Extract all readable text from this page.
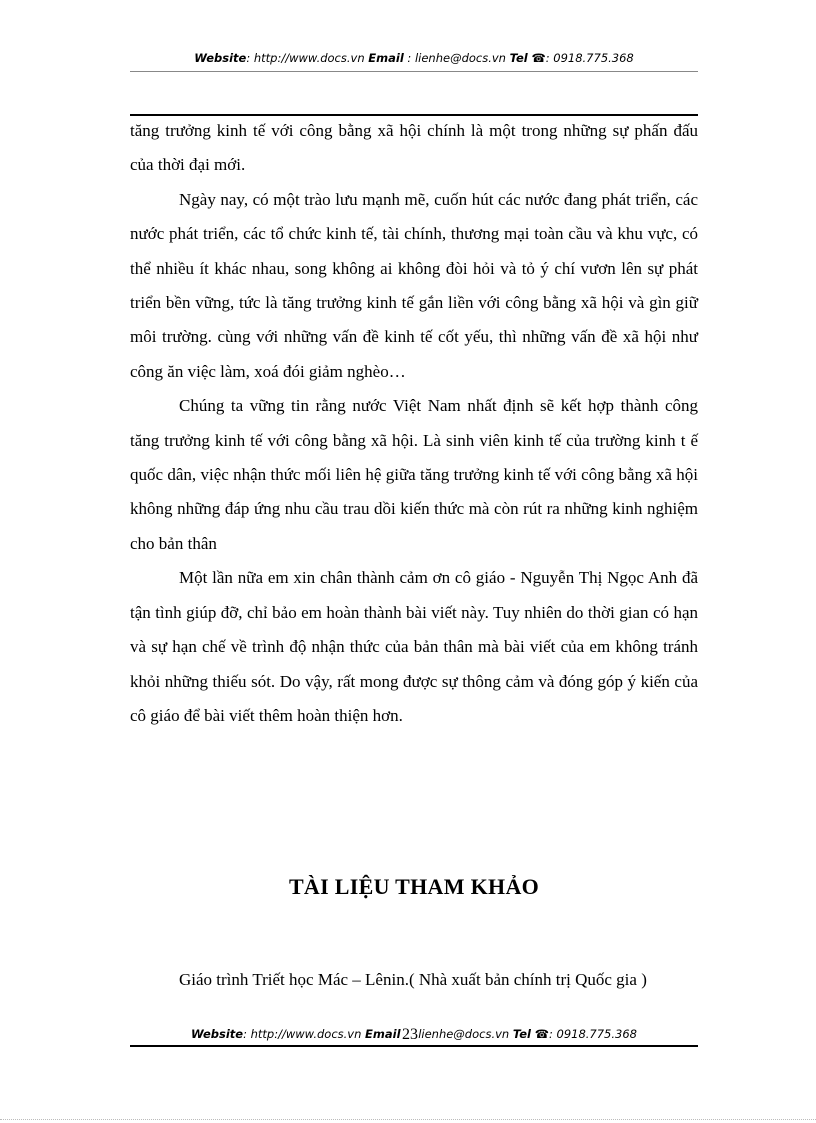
Website: http://www.docs.vn Email : lienhe@docs.vn Tel ☎: 0918.775.368

tăng trưởng kinh tế với công bằng xã hội chính là một trong những sự phấn đấu của thời đại mới.

Ngày nay, có một trào lưu mạnh mẽ, cuốn hút các nước đang phát triển, các nước phát triển, các tổ chức kinh tế, tài chính, thương mại toàn cầu và khu vực, có thể nhiều ít khác nhau, song không ai không đòi hỏi và tỏ ý chí vươn lên sự phát triển bền vững, tức là tăng trưởng kinh tế gắn liền với công bằng xã hội và gìn giữ môi trường. cùng với những vấn đề kinh tế cốt yếu, thì những vấn đề xã hội như công ăn việc làm, xoá đói giảm nghèo…

Chúng ta vững tin rằng nước Việt Nam nhất định sẽ kết hợp thành công tăng trưởng kinh tế với công bằng xã hội. Là sinh viên kinh tế của trường kinh t ế quốc dân, việc nhận thức mối liên hệ giữa tăng trưởng kinh tế với công bằng xã hội không những đáp ứng nhu cầu trau dồi kiến thức mà còn rút ra những kinh nghiệm cho bản thân

Một lần nữa em xin chân thành cảm ơn cô giáo - Nguyễn Thị Ngọc Anh đã tận tình giúp đỡ, chỉ bảo em hoàn thành bài viết này. Tuy nhiên do thời gian có hạn và sự hạn chế về trình độ nhận thức của bản thân mà bài viết của em không tránh khỏi những thiếu sót. Do vậy, rất mong được sự thông cảm và đóng góp ý kiến của cô giáo để bài viết thêm hoàn thiện hơn.

TÀI LIỆU THAM KHẢO
Giáo trình Triết học Mác – Lênin.( Nhà xuất bản chính trị Quốc gia )
Website: http://www.docs.vn Email lienhe@docs.vn Tel ☎: 0918.775.368
23
